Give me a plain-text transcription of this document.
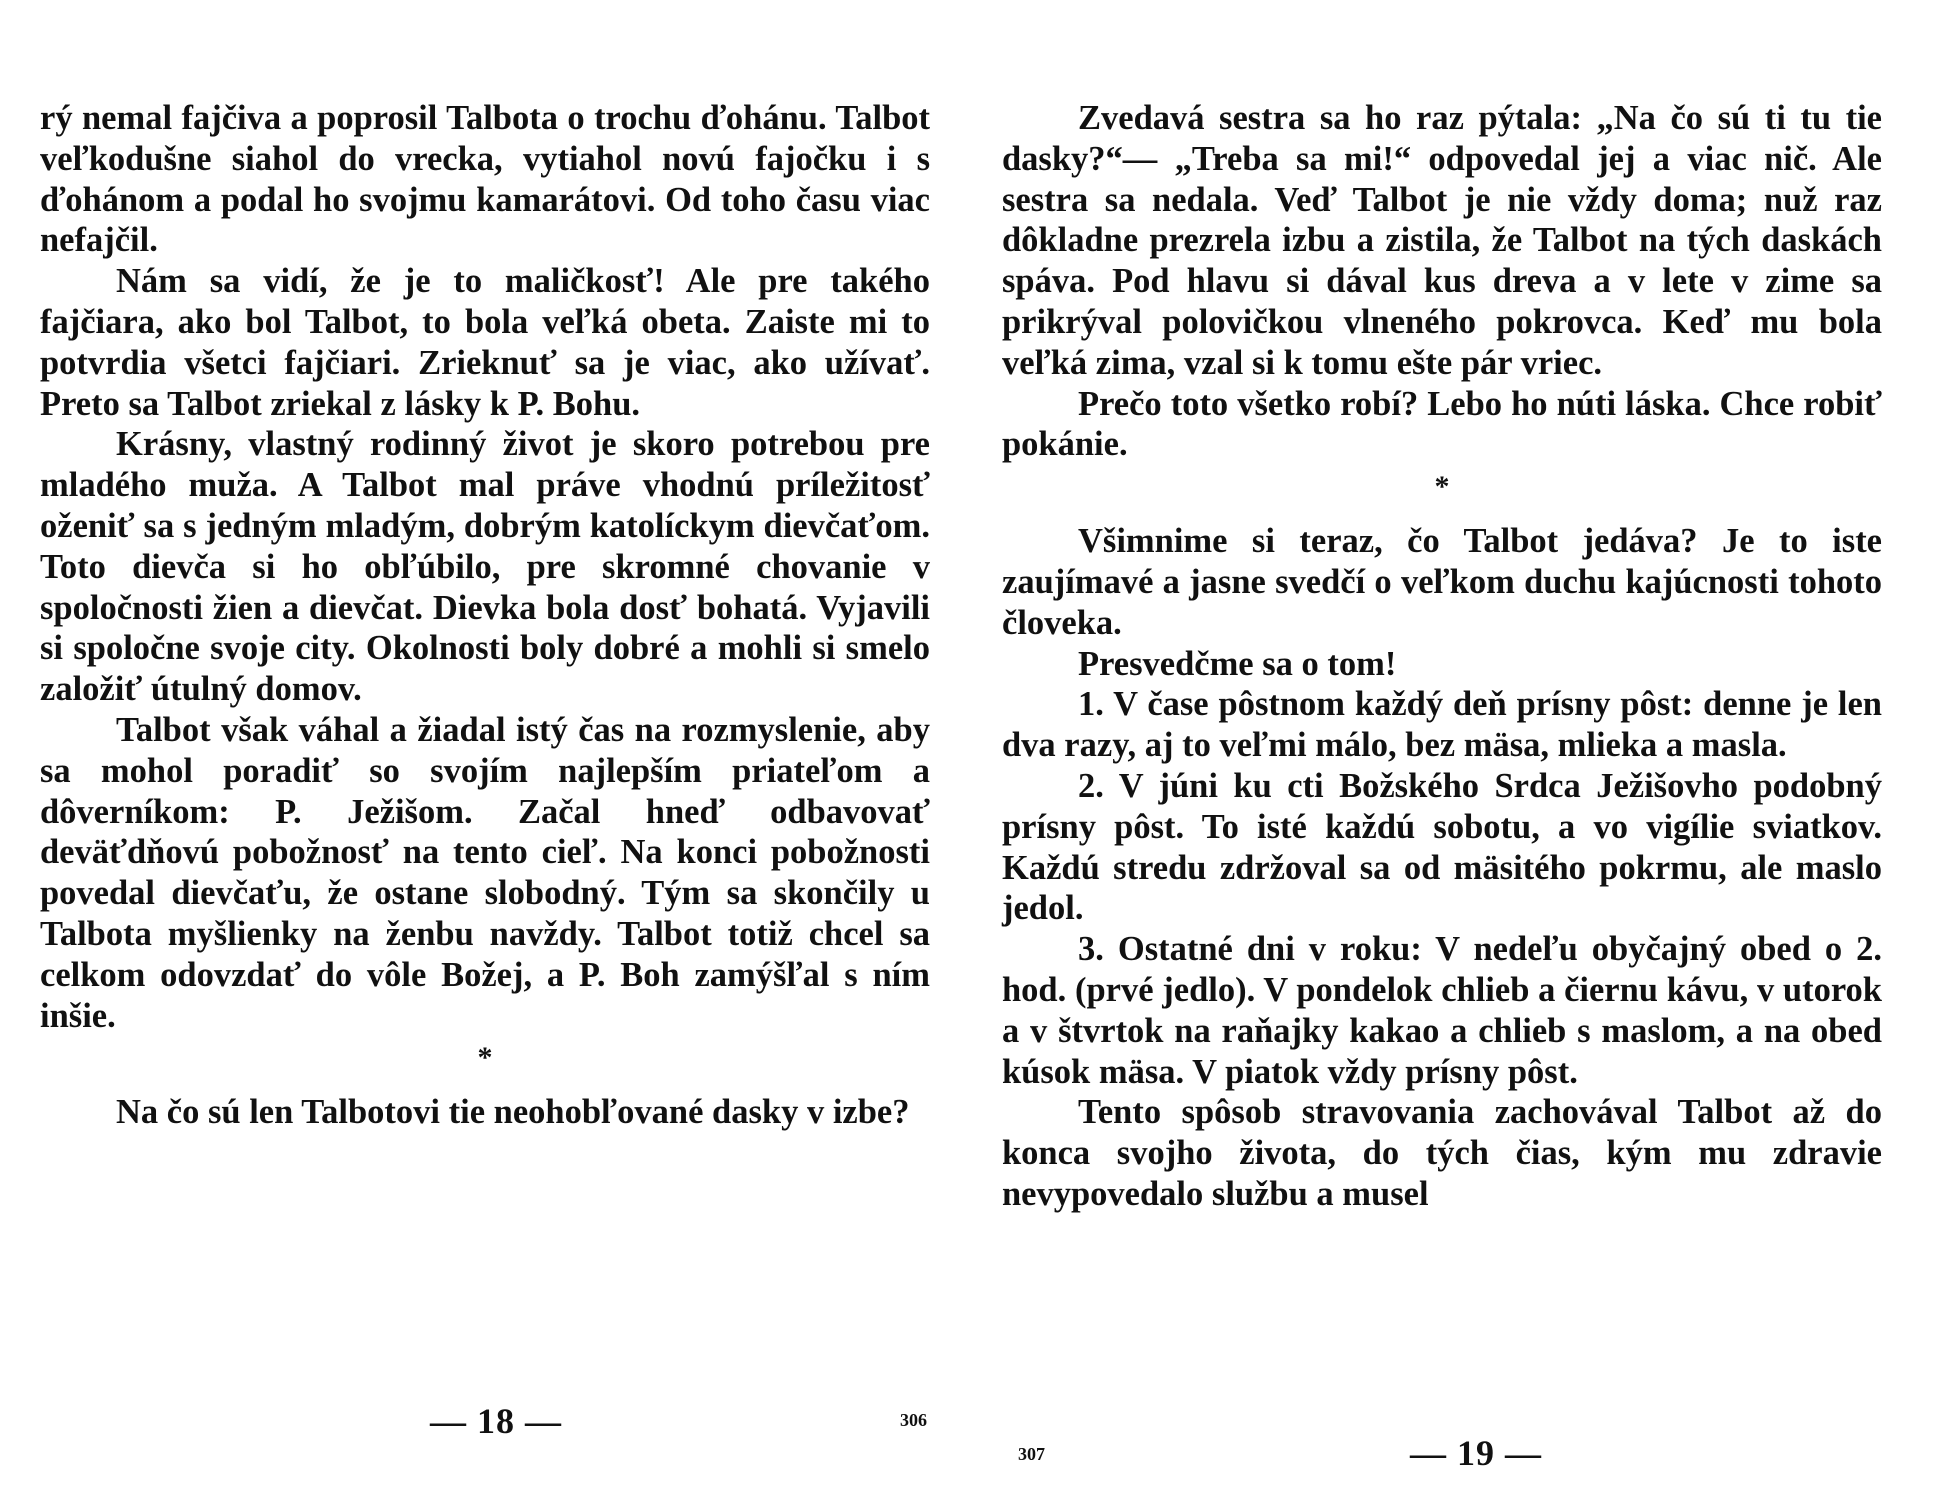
rý nemal fajčiva a poprosil Talbota o trochu ďohánu. Talbot veľkodušne siahol do vrecka, vytiahol novú fajočku i s ďohánom a podal ho svojmu kamarátovi. Od toho času viac nefajčil.

Nám sa vidí, že je to maličkosť! Ale pre takého fajčiara, ako bol Talbot, to bola veľká obeta. Zaiste mi to potvrdia všetci fajčiari. Zrieknuť sa je viac, ako užívať. Preto sa Talbot zriekal z lásky k P. Bohu.

Krásny, vlastný rodinný život je skoro potrebou pre mladého muža. A Talbot mal práve vhodnú príležitosť oženiť sa s jedným mladým, dobrým katolíckym dievčaťom. Toto dievča si ho obľúbilo, pre skromné chovanie v spoločnosti žien a dievčat. Dievka bola dosť bohatá. Vyjavili si spoločne svoje city. Okolnosti boly dobré a mohli si smelo založiť útulný domov.

Talbot však váhal a žiadal istý čas na rozmyslenie, aby sa mohol poradiť so svojím najlepším priateľom a dôverníkom: P. Ježišom. Začal hneď odbavovať deväťdňovú pobožnosť na tento cieľ. Na konci pobožnosti povedal dievčaťu, že ostane slobodný. Tým sa skončily u Talbota myšlienky na ženbu navždy. Talbot totiž chcel sa celkom odovzdať do vôle Božej, a P. Boh zamýšľal s ním inšie.

*

Na čo sú len Talbotovi tie neohobľované dasky v izbe?

— 18 —	306

Zvedavá sestra sa ho raz pýtala: „Na čo sú ti tu tie dasky?“— „Treba sa mi!“ odpovedal jej a viac nič. Ale sestra sa nedala. Veď Talbot je nie vždy doma; nuž raz dôkladne prezrela izbu a zistila, že Talbot na tých daskách spáva. Pod hlavu si dával kus dreva a v lete v zime sa prikrýval polovičkou vlneného pokrovca. Keď mu bola veľká zima, vzal si k tomu ešte pár vriec.

Prečo toto všetko robí? Lebo ho núti láska. Chce robiť pokánie.

*

Všimnime si teraz, čo Talbot jedáva? Je to iste zaujímavé a jasne svedčí o veľkom duchu kajúcnosti tohoto človeka.

Presvedčme sa o tom!

1. V čase pôstnom každý deň prísny pôst: denne je len dva razy, aj to veľmi málo, bez mäsa, mlieka a masla.

2. V júni ku cti Božského Srdca Ježišovho podobný prísny pôst. To isté každú sobotu, a vo vigílie sviatkov. Každú stredu zdržoval sa od mäsitého pokrmu, ale maslo jedol.

3. Ostatné dni v roku: V nedeľu obyčajný obed o 2. hod. (prvé jedlo). V pondelok chlieb a čiernu kávu, v utorok a v štvrtok na raňajky kakao a chlieb s maslom, a na obed kúsok mäsa. V piatok vždy prísny pôst.

Tento spôsob stravovania zachovával Talbot až do konca svojho života, do tých čias, kým mu zdravie nevypovedalo službu a musel

307	— 19 —
